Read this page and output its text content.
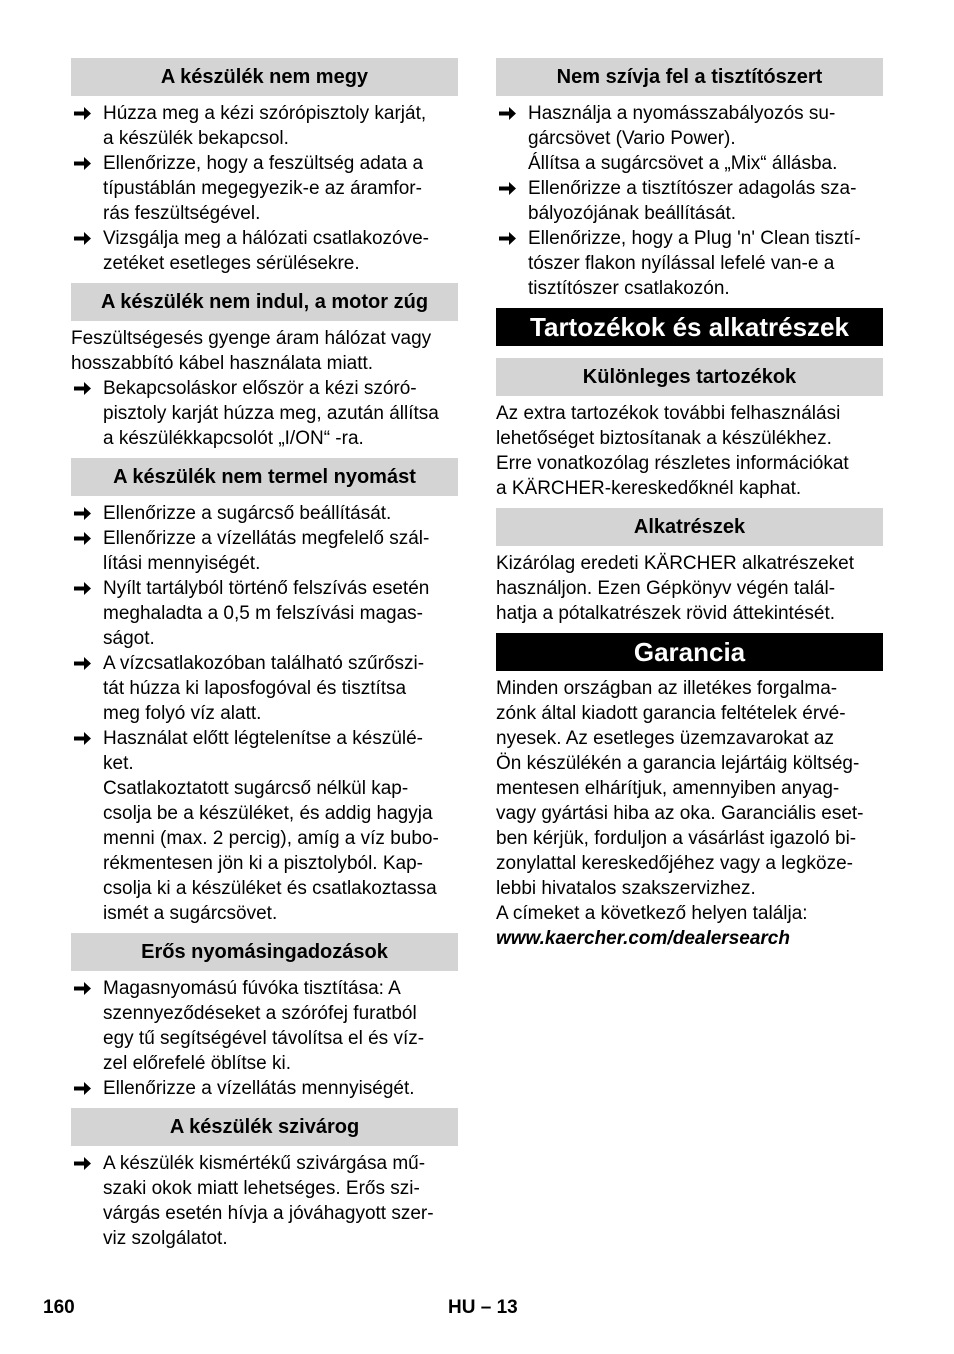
A készülék nem megy
Húzza meg a kézi szórópisztoly karját,
a készülék bekapcsol.
Ellenőrizze, hogy a feszültség adata a
típustáblán megegyezik-e az áramfor-
rás feszültségével.
Vizsgálja meg a hálózati csatlakozóve-
zetéket esetleges sérülésekre.
A készülék nem indul, a motor zúg
Feszültségesés gyenge áram hálózat vagy
hosszabbító kábel használata miatt.
Bekapcsoláskor először a kézi szóró-
pisztoly karját húzza meg, azután állítsa
a készülékkapcsolót „I/ON“ -ra.
A készülék nem termel nyomást
Ellenőrizze a sugárcső beállítását.
Ellenőrizze a vízellátás megfelelő szál-
lítási mennyiségét.
Nyílt tartályból történő felszívás esetén
meghaladta a 0,5 m felszívási magas-
ságot.
A vízcsatlakozóban található szűrőszi-
tát húzza ki laposfogóval és tisztítsa
meg folyó víz alatt.
Használat előtt légtelenítse a készülé-
ket.
Csatlakoztatott sugárcső nélkül kap-
csolja be a készüléket, és addig hagyja
menni (max. 2 percig), amíg a víz bubo-
rékmentesen jön ki a pisztolyból. Kap-
csolja ki a készüléket és csatlakoztassa
ismét a sugárcsövet.
Erős nyomásingadozások
Magasnyomású fúvóka tisztítása: A
szennyeződéseket a szórófej furatból
egy tű segítségével távolítsa el és víz-
zel előrefelé öblítse ki.
Ellenőrizze a vízellátás mennyiségét.
A készülék szivárog
A készülék kismértékű szivárgása mű-
szaki okok miatt lehetséges. Erős szi-
várgás esetén hívja a jóváhagyott szer-
viz szolgálatot.
Nem szívja fel a tisztítószert
Használja a nyomásszabályozós su-
gárcsövet (Vario Power).
Állítsa a sugárcsövet a „Mix“ állásba.
Ellenőrizze a tisztítószer adagolás sza-
bályozójának beállítását.
Ellenőrizze, hogy a Plug 'n' Clean tisztí-
tószer flakon nyílással lefelé van-e a
tisztítószer csatlakozón.
Tartozékok és alkatrészek
Különleges tartozékok
Az extra tartozékok további felhasználási
lehetőséget biztosítanak a készülékhez.
Erre vonatkozólag részletes információkat
a KÄRCHER-kereskedőknél kaphat.
Alkatrészek
Kizárólag eredeti KÄRCHER alkatrészeket
használjon. Ezen Gépkönyv végén talál-
hatja a pótalkatrészek rövid áttekintését.
Garancia
Minden országban az illetékes forgalma-
zónk által kiadott garancia feltételek érvé-
nyesek. Az esetleges üzemzavarokat az
Ön készülékén a garancia lejártáig költség-
mentesen elhárítjuk, amennyiben anyag-
vagy gyártási hiba az oka. Garanciális eset-
ben kérjük, forduljon a vásárlást igazoló bi-
zonylattal kereskedőjéhez vagy a legköze-
lebbi hivatalos szakszervizhez.
A címeket a következő helyen találja:
www.kaercher.com/dealersearch
160	HU – 13
